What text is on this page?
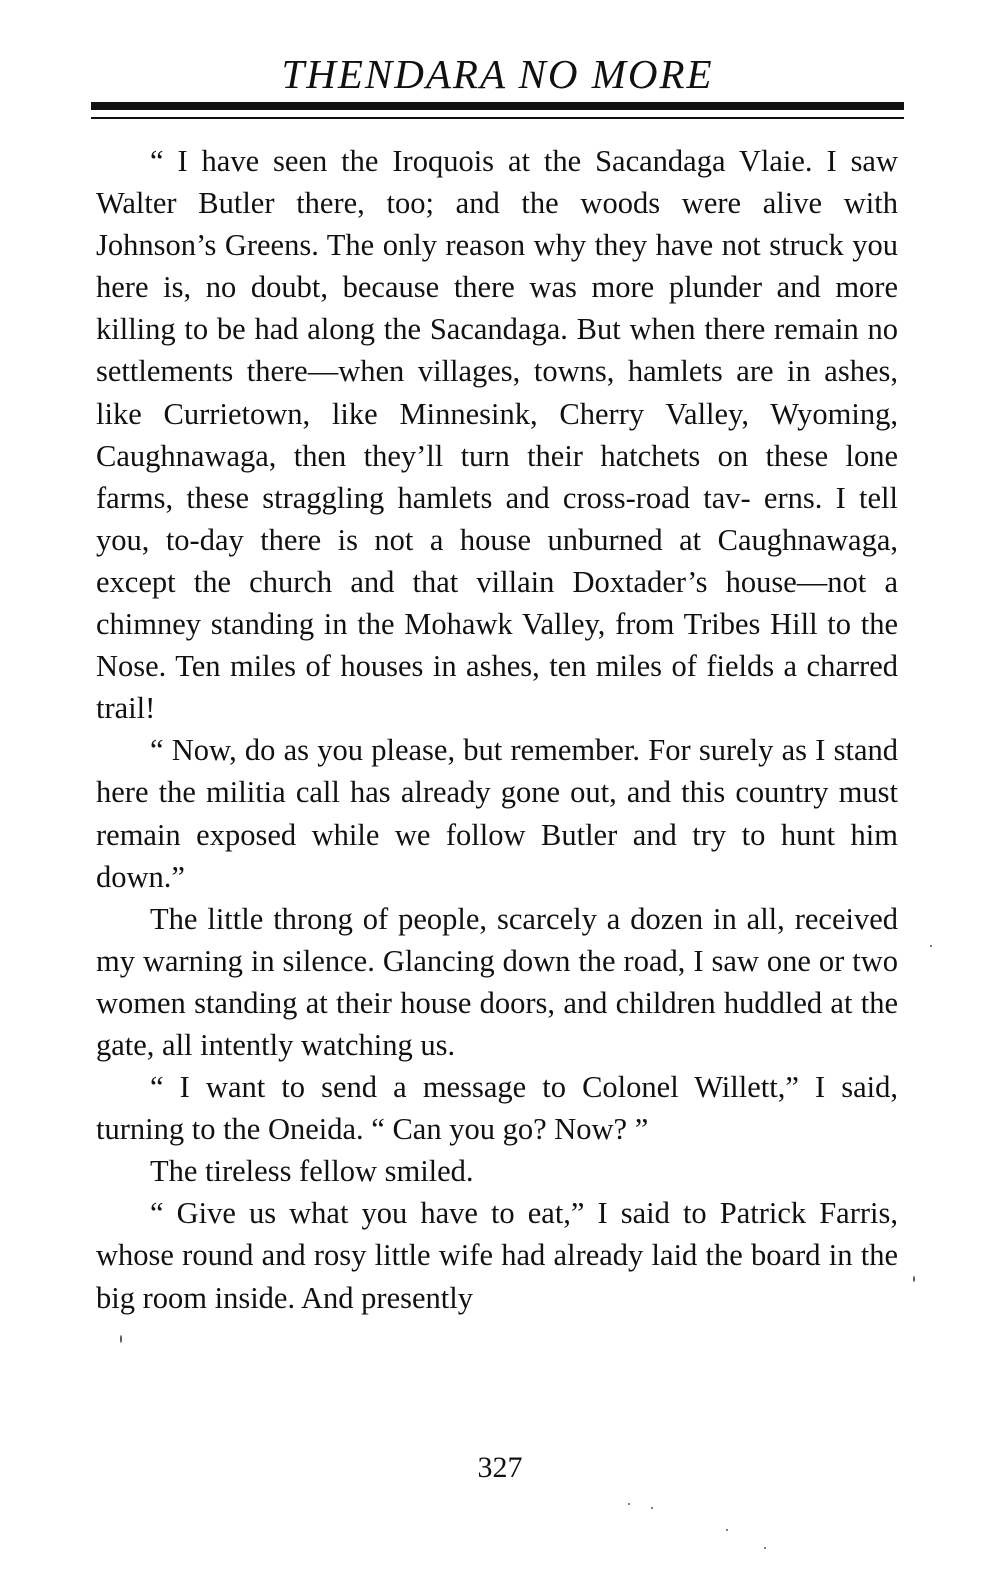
THENDARA NO MORE

“ I have seen the Iroquois at the Sacandaga Vlaie. I saw Walter Butler there, too; and the woods were alive with Johnson’s Greens. The only reason why they have not struck you here is, no doubt, because there was more plunder and more killing to be had along the Sacandaga. But when there remain no settlements there—when villages, towns, hamlets are in ashes, like Currietown, like Minnesink, Cherry Valley, Wyoming, Caughnawaga, then they’ll turn their hatchets on these lone farms, these straggling hamlets and cross-road tav- erns. I tell you, to-day there is not a house unburned at Caughnawaga, except the church and that villain Doxtader’s house—not a chimney standing in the Mohawk Valley, from Tribes Hill to the Nose. Ten miles of houses in ashes, ten miles of fields a charred trail!

“ Now, do as you please, but remember. For surely as I stand here the militia call has already gone out, and this country must remain exposed while we follow Butler and try to hunt him down.”

The little throng of people, scarcely a dozen in all, received my warning in silence. Glancing down the road, I saw one or two women standing at their house doors, and children huddled at the gate, all intently watching us.

“ I want to send a message to Colonel Willett,” I said, turning to the Oneida. “ Can you go? Now? ”

The tireless fellow smiled.

“ Give us what you have to eat,” I said to Patrick Farris, whose round and rosy little wife had already laid the board in the big room inside. And presently

327
